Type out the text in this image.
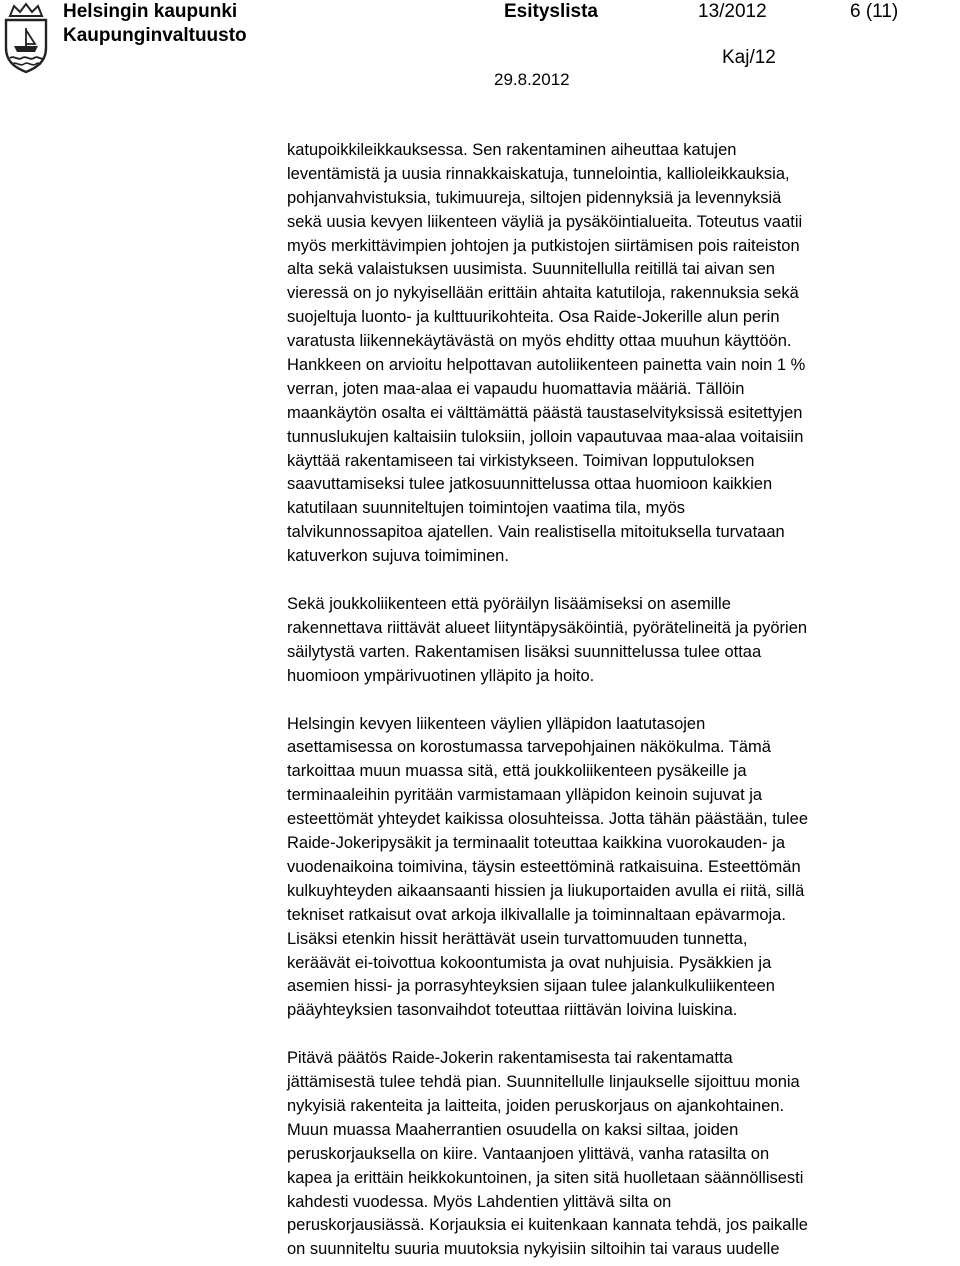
Helsingin kaupunki
Kaupunginvaltuusto
Esityslista	13/2012	6 (11)
Kaj/12
29.8.2012
katupoikkileikkauksessa. Sen rakentaminen aiheuttaa katujen
leventämistä ja uusia rinnakkaiskatuja, tunnelointia, kallioleikkauksia,
pohjanvahvistuksia, tukimuureja, siltojen pidennyksiä ja levennyksiä
sekä uusia kevyen liikenteen väyliä ja pysäköintialueita. Toteutus vaatii
myös merkittävimpien johtojen ja putkistojen siirtämisen pois raiteiston
alta sekä valaistuksen uusimista. Suunnitellulla reitillä tai aivan sen
vieressä on jo nykyisellään erittäin ahtaita katutiloja, rakennuksia sekä
suojeltuja luonto- ja kulttuurikohteita. Osa Raide-Jokerille alun perin
varatusta liikennekäytävästä on myös ehditty ottaa muuhun käyttöön.
Hankkeen on arvioitu helpottavan autoliikenteen painetta vain noin 1 %
verran, joten maa-alaa ei vapaudu huomattavia määriä. Tällöin
maankäytön osalta ei välttämättä päästä taustaselvityksissä esitettyjen
tunnuslukujen kaltaisiin tuloksiin, jolloin vapautuvaa maa-alaa voitaisiin
käyttää rakentamiseen tai virkistykseen. Toimivan lopputuloksen
saavuttamiseksi tulee jatkosuunnittelussa ottaa huomioon kaikkien
katutilaan suunniteltujen toimintojen vaatima tila, myös
talvikunnossapitoa ajatellen. Vain realistisella mitoituksella turvataan
katuverkon sujuva toimiminen.
Sekä joukkoliikenteen että pyöräilyn lisäämiseksi on asemille
rakennettava riittävät alueet liityntäpysäköintiä, pyörätelineitä ja pyörien
säilytystä varten. Rakentamisen lisäksi suunnittelussa tulee ottaa
huomioon ympärivuotinen ylläpito ja hoito.
Helsingin kevyen liikenteen väylien ylläpidon laatutasojen
asettamisessa on korostumassa tarvepohjainen näkökulma. Tämä
tarkoittaa muun muassa sitä, että joukkoliikenteen pysäkeille ja
terminaaleihin pyritään varmistamaan ylläpidon keinoin sujuvat ja
esteettömät yhteydet kaikissa olosuhteissa. Jotta tähän päästään, tulee
Raide-Jokeripysäkit ja terminaalit toteuttaa kaikkina vuorokauden- ja
vuodenaikoina toimivina, täysin esteettöminä ratkaisuina. Esteettömän
kulkuyhteyden aikaansaanti hissien ja liukuportaiden avulla ei riitä, sillä
tekniset ratkaisut ovat arkoja ilkivallalle ja toiminnaltaan epävarmoja.
Lisäksi etenkin hissit herättävät usein turvattomuuden tunnetta,
keräävät ei-toivottua kokoontumista ja ovat nuhjuisia. Pysäkkien ja
asemien hissi- ja porrasyhteyksien sijaan tulee jalankulkuliikenteen
pääyhteyksien tasonvaihdot toteuttaa riittävän loivina luiskina.
Pitävä päätös Raide-Jokerin rakentamisesta tai rakentamatta
jättämisestä tulee tehdä pian. Suunnitellulle linjaukselle sijoittuu monia
nykyisiä rakenteita ja laitteita, joiden peruskorjaus on ajankohtainen.
Muun muassa Maaherrantien osuudella on kaksi siltaa, joiden
peruskorjauksella on kiire. Vantaanjoen ylittävä, vanha ratasilta on
kapea ja erittäin heikkokuntoinen, ja siten sitä huolletaan säännöllisesti
kahdesti vuodessa. Myös Lahdentien ylittävä silta on
peruskorjausiässä. Korjauksia ei kuitenkaan kannata tehdä, jos paikalle
on suunniteltu suuria muutoksia nykyisiin siltoihin tai varaus uudelle
